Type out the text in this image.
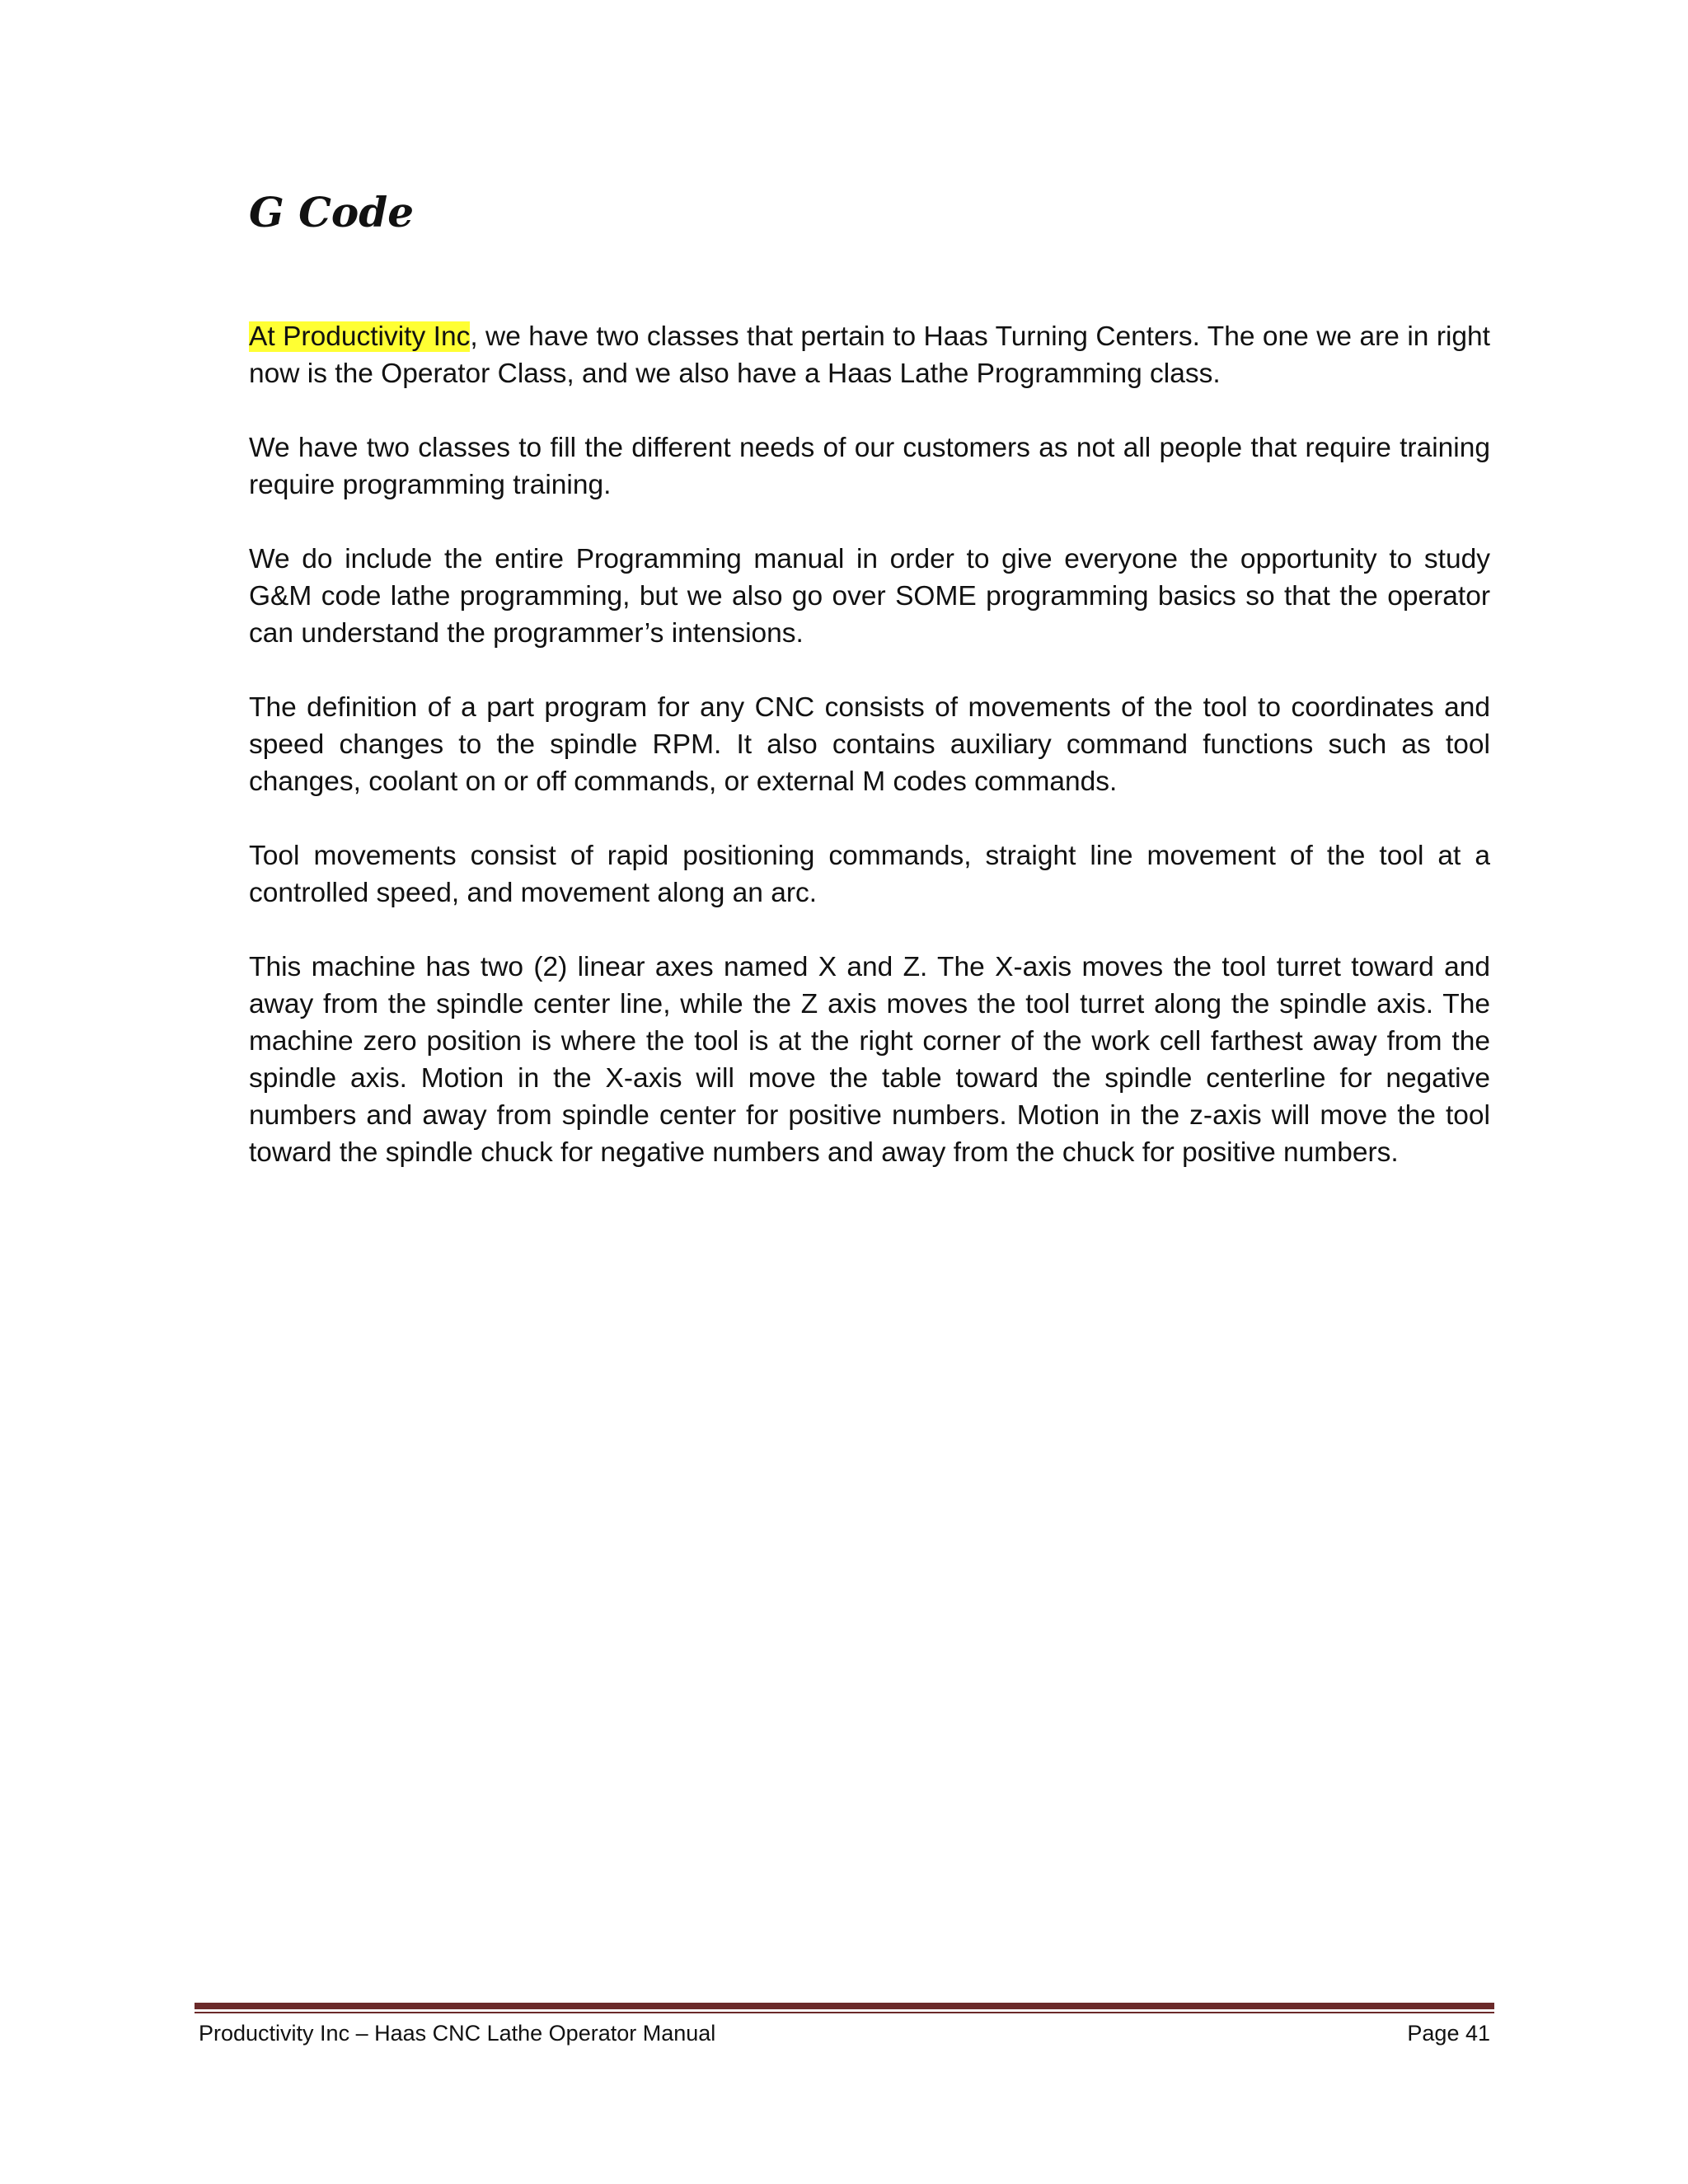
G Code

At Productivity Inc, we have two classes that pertain to Haas Turning Centers. The one we are in right now is the Operator Class, and we also have a Haas Lathe Programming class.

We have two classes to fill the different needs of our customers as not all people that require training require programming training.

We do include the entire Programming manual in order to give everyone the opportunity to study G&M code lathe programming, but we also go over SOME programming basics so that the operator can understand the programmer’s intensions.

The definition of a part program for any CNC consists of movements of the tool to coordinates and speed changes to the spindle RPM. It also contains auxiliary command functions such as tool changes, coolant on or off commands, or external M codes commands.

Tool movements consist of rapid positioning commands, straight line movement of the tool at a controlled speed, and movement along an arc.

This machine has two (2) linear axes named X and Z. The X-axis moves the tool turret toward and away from the spindle center line, while the Z axis moves the tool turret along the spindle axis. The machine zero position is where the tool is at the right corner of the work cell farthest away from the spindle axis. Motion in the X-axis will move the table toward the spindle centerline for negative numbers and away from spindle center for positive numbers. Motion in the z-axis will move the tool toward the spindle chuck for negative numbers and away from the chuck for positive numbers.

Productivity Inc – Haas CNC Lathe Operator Manual	Page 41
